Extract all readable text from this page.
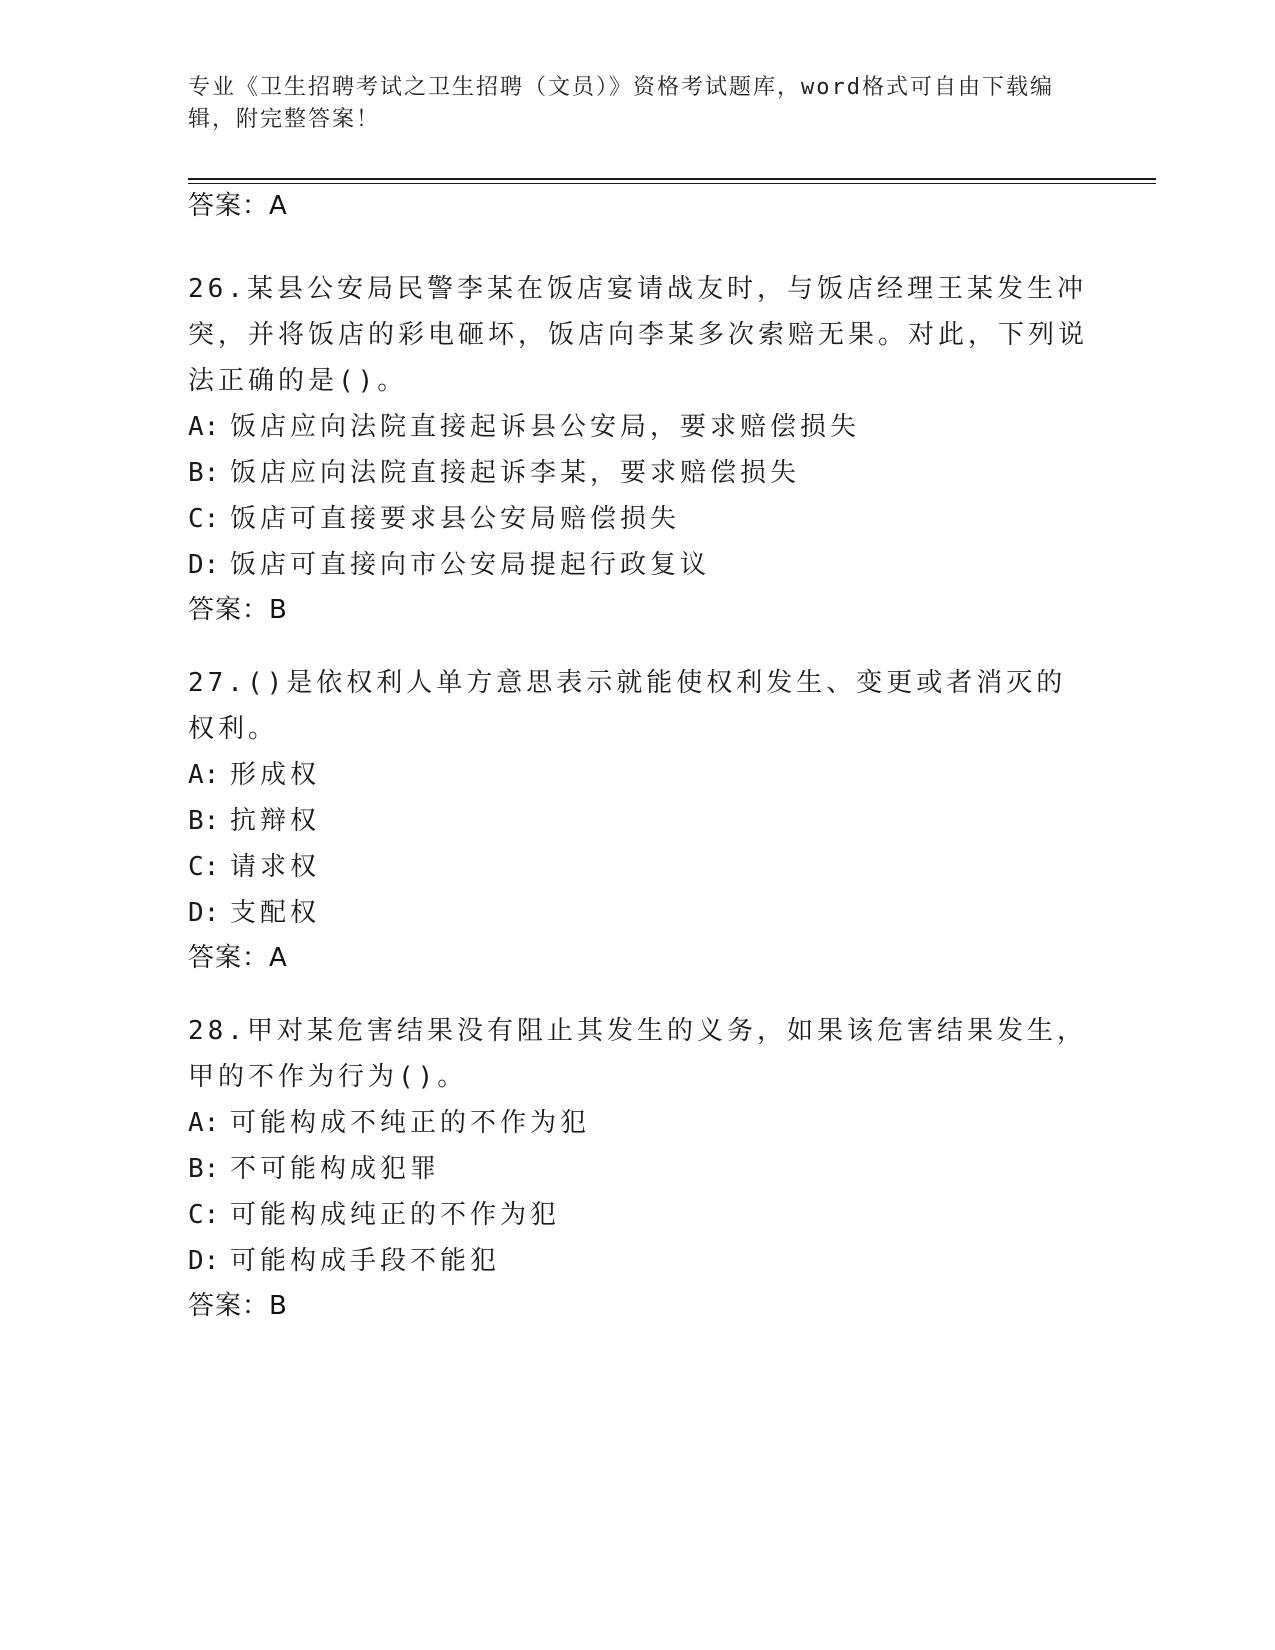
专业《卫生招聘考试之卫生招聘（文员）》资格考试题库，word格式可自由下载编辑，附完整答案！
答案：A
26.某县公安局民警李某在饭店宴请战友时，与饭店经理王某发生冲突，并将饭店的彩电砸坏，饭店向李某多次索赔无果。对此，下列说法正确的是()。
A: 饭店应向法院直接起诉县公安局，要求赔偿损失
B: 饭店应向法院直接起诉李某，要求赔偿损失
C: 饭店可直接要求县公安局赔偿损失
D: 饭店可直接向市公安局提起行政复议
答案：B
27.()是依权利人单方意思表示就能使权利发生、变更或者消灭的权利。
A: 形成权
B: 抗辩权
C: 请求权
D: 支配权
答案：A
28.甲对某危害结果没有阻止其发生的义务，如果该危害结果发生，甲的不作为行为()。
A: 可能构成不纯正的不作为犯
B: 不可能构成犯罪
C: 可能构成纯正的不作为犯
D: 可能构成手段不能犯
答案：B
